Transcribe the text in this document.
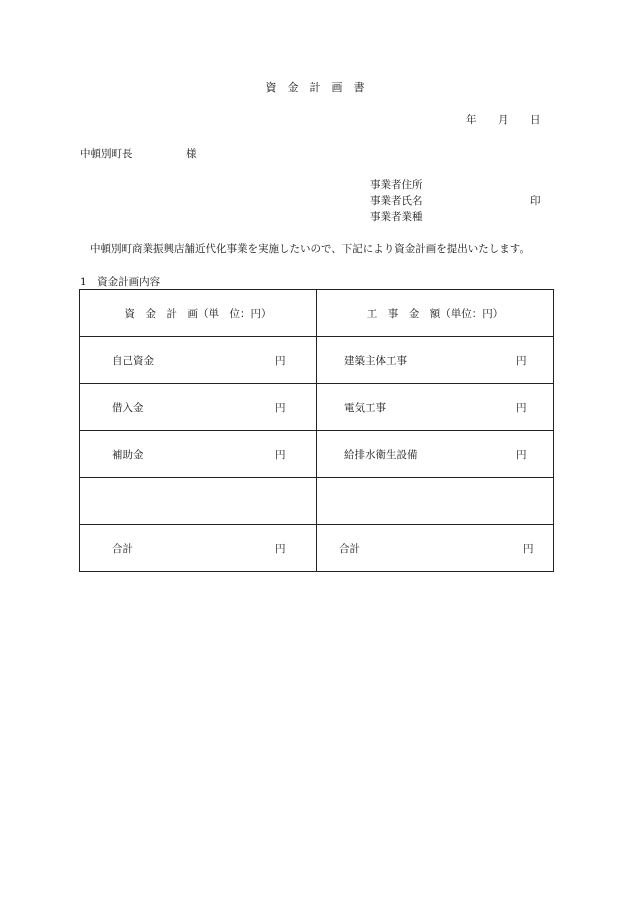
資　金　計　画　書
年 月 日
中頓別町長	様
事業者住所
事業者氏名	印
事業者業種
中頓別町商業振興店舗近代化事業を実施したいので、下記により資金計画を提出いたします。
1　資金計画内容
資　金　計　画（単　位：円）	工　事　金　額（単位：円）

自己資金 円	建築主体工事 円

借入金 円	電気工事 円

補助金 円	給排水衛生設備 円

合計 円	合計 円
